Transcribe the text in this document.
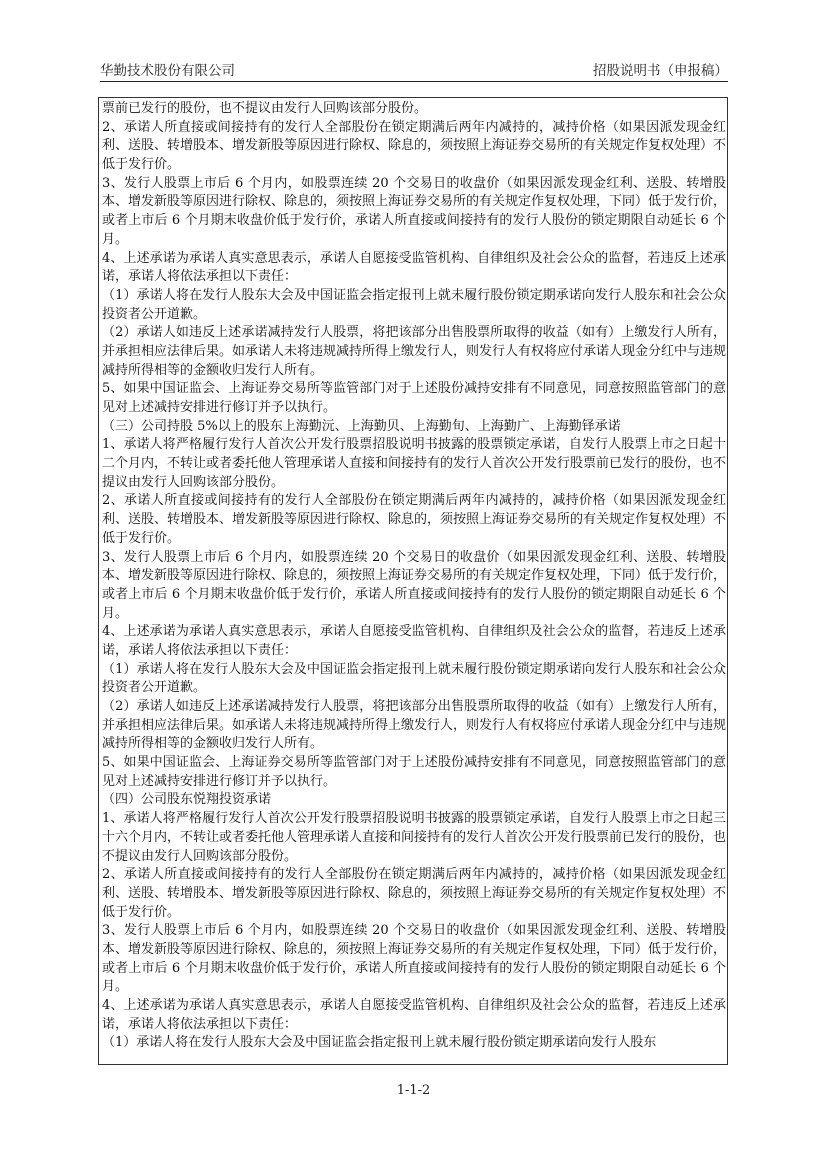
华勤技术股份有限公司	招股说明书（申报稿）

票前已发行的股份，也不提议由发行人回购该部分股份。

2、承诺人所直接或间接持有的发行人全部股份在锁定期满后两年内减持的，减持价格（如果因派发现金红利、送股、转增股本、增发新股等原因进行除权、除息的，须按照上海证券交易所的有关规定作复权处理）不低于发行价。

3、发行人股票上市后 6 个月内，如股票连续 20 个交易日的收盘价（如果因派发现金红利、送股、转增股本、增发新股等原因进行除权、除息的，须按照上海证券交易所的有关规定作复权处理，下同）低于发行价，或者上市后 6 个月期末收盘价低于发行价，承诺人所直接或间接持有的发行人股份的锁定期限自动延长 6 个月。

4、上述承诺为承诺人真实意思表示，承诺人自愿接受监管机构、自律组织及社会公众的监督，若违反上述承诺，承诺人将依法承担以下责任：

（1）承诺人将在发行人股东大会及中国证监会指定报刊上就未履行股份锁定期承诺向发行人股东和社会公众投资者公开道歉。

（2）承诺人如违反上述承诺减持发行人股票，将把该部分出售股票所取得的收益（如有）上缴发行人所有，并承担相应法律后果。如承诺人未将违规减持所得上缴发行人，则发行人有权将应付承诺人现金分红中与违规减持所得相等的金额收归发行人所有。

5、如果中国证监会、上海证券交易所等监管部门对于上述股份减持安排有不同意见，同意按照监管部门的意见对上述减持安排进行修订并予以执行。

（三）公司持股 5%以上的股东上海勤沅、上海勤贝、上海勤旬、上海勤广、上海勤铎承诺

1、承诺人将严格履行发行人首次公开发行股票招股说明书披露的股票锁定承诺，自发行人股票上市之日起十二个月内，不转让或者委托他人管理承诺人直接和间接持有的发行人首次公开发行股票前已发行的股份，也不提议由发行人回购该部分股份。

2、承诺人所直接或间接持有的发行人全部股份在锁定期满后两年内减持的，减持价格（如果因派发现金红利、送股、转增股本、增发新股等原因进行除权、除息的，须按照上海证券交易所的有关规定作复权处理）不低于发行价。

3、发行人股票上市后 6 个月内，如股票连续 20 个交易日的收盘价（如果因派发现金红利、送股、转增股本、增发新股等原因进行除权、除息的，须按照上海证券交易所的有关规定作复权处理，下同）低于发行价，或者上市后 6 个月期末收盘价低于发行价，承诺人所直接或间接持有的发行人股份的锁定期限自动延长 6 个月。

4、上述承诺为承诺人真实意思表示，承诺人自愿接受监管机构、自律组织及社会公众的监督，若违反上述承诺，承诺人将依法承担以下责任：

（1）承诺人将在发行人股东大会及中国证监会指定报刊上就未履行股份锁定期承诺向发行人股东和社会公众投资者公开道歉。

（2）承诺人如违反上述承诺减持发行人股票，将把该部分出售股票所取得的收益（如有）上缴发行人所有，并承担相应法律后果。如承诺人未将违规减持所得上缴发行人，则发行人有权将应付承诺人现金分红中与违规减持所得相等的金额收归发行人所有。

5、如果中国证监会、上海证券交易所等监管部门对于上述股份减持安排有不同意见，同意按照监管部门的意见对上述减持安排进行修订并予以执行。

（四）公司股东悦翔投资承诺

1、承诺人将严格履行发行人首次公开发行股票招股说明书披露的股票锁定承诺，自发行人股票上市之日起三十六个月内，不转让或者委托他人管理承诺人直接和间接持有的发行人首次公开发行股票前已发行的股份，也不提议由发行人回购该部分股份。

2、承诺人所直接或间接持有的发行人全部股份在锁定期满后两年内减持的，减持价格（如果因派发现金红利、送股、转增股本、增发新股等原因进行除权、除息的，须按照上海证券交易所的有关规定作复权处理）不低于发行价。

3、发行人股票上市后 6 个月内，如股票连续 20 个交易日的收盘价（如果因派发现金红利、送股、转增股本、增发新股等原因进行除权、除息的，须按照上海证券交易所的有关规定作复权处理，下同）低于发行价，或者上市后 6 个月期末收盘价低于发行价，承诺人所直接或间接持有的发行人股份的锁定期限自动延长 6 个月。

4、上述承诺为承诺人真实意思表示，承诺人自愿接受监管机构、自律组织及社会公众的监督，若违反上述承诺，承诺人将依法承担以下责任：

（1）承诺人将在发行人股东大会及中国证监会指定报刊上就未履行股份锁定期承诺向发行人股东

1-1-2
